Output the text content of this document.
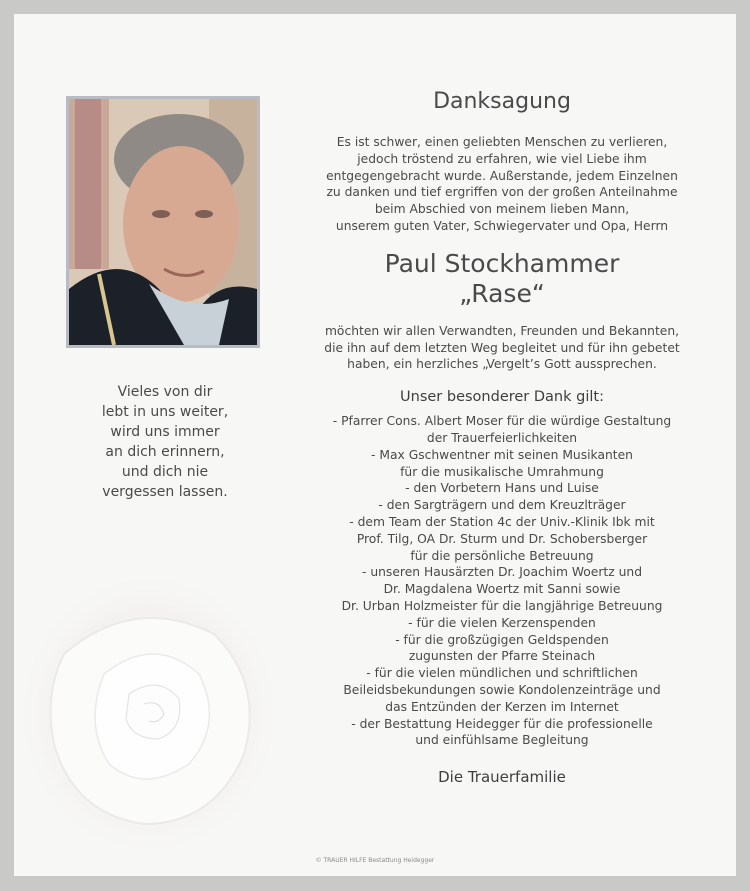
Vieles von dir
lebt in uns weiter,
wird uns immer
an dich erinnern,
und dich nie
vergessen lassen.
Danksagung
Es ist schwer, einen geliebten Menschen zu verlieren,
jedoch tröstend zu erfahren, wie viel Liebe ihm
entgegengebracht wurde. Außerstande, jedem Einzelnen
zu danken und tief ergriffen von der großen Anteilnahme
beim Abschied von meinem lieben Mann,
unserem guten Vater, Schwiegervater und Opa, Herrn
Paul Stockhammer
„Rase“
möchten wir allen Verwandten, Freunden und Bekannten,
die ihn auf dem letzten Weg begleitet und für ihn gebetet
haben, ein herzliches „Vergelt’s Gott aussprechen.
Unser besonderer Dank gilt:
- Pfarrer Cons. Albert Moser für die würdige Gestaltung
der Trauerfeierlichkeiten
- Max Gschwentner mit seinen Musikanten
für die musikalische Umrahmung
- den Vorbetern Hans und Luise
- den Sargträgern und dem Kreuzlträger
- dem Team der Station 4c der Univ.-Klinik Ibk mit
Prof. Tilg, OA Dr. Sturm und Dr. Schobersberger
für die persönliche Betreuung
- unseren Hausärzten Dr. Joachim Woertz und
Dr. Magdalena Woertz mit Sanni sowie
Dr. Urban Holzmeister für die langjährige Betreuung
- für die vielen Kerzenspenden
- für die großzügigen Geldspenden
zugunsten der Pfarre Steinach
- für die vielen mündlichen und schriftlichen
Beileidsbekundungen sowie Kondolenzeinträge und
das Entzünden der Kerzen im Internet
- der Bestattung Heidegger für die professionelle
und einfühlsame Begleitung
Die Trauerfamilie
© TRAUER HILFE Bestattung Heidegger
